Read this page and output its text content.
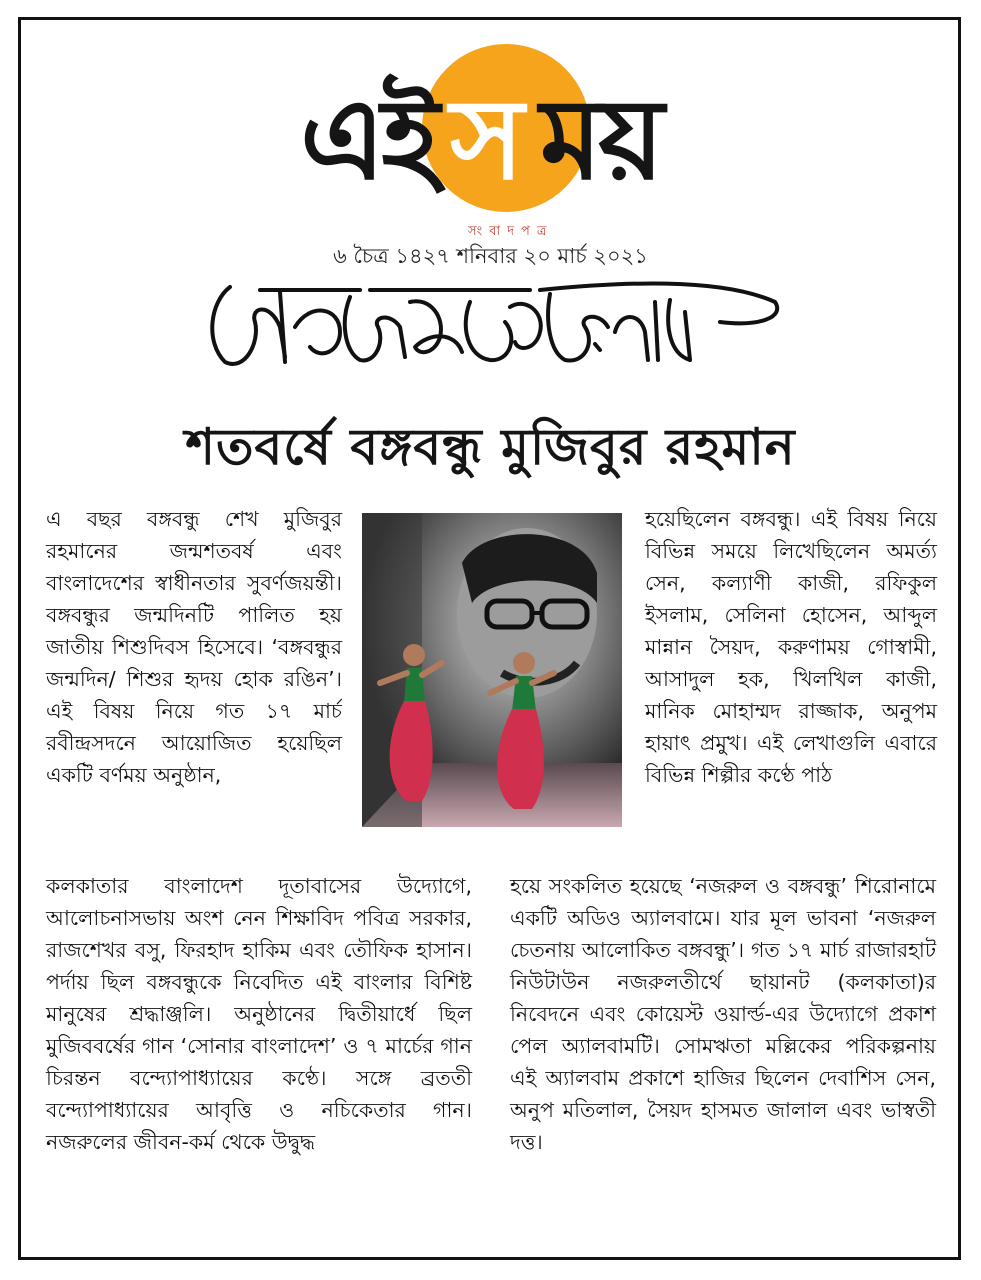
এই স ময়
সংবাদপত্র
৬ চৈত্র ১৪২৭ শনিবার ২০ মার্চ ২০২১
শতবর্ষে বঙ্গবন্ধু মুজিবুর রহমান

এ বছর বঙ্গবন্ধু শেখ মুজিবুর রহমানের জন্মশতবর্ষ এবং বাংলাদেশের স্বাধীনতার সুবর্ণজয়ন্তী। বঙ্গবন্ধুর জন্মদিনটি পালিত হয় জাতীয় শিশুদিবস হিসেবে। ‘বঙ্গবন্ধুর জন্মদিন/ শিশুর হৃদয় হোক রঙিন’। এই বিষয় নিয়ে গত ১৭ মার্চ রবীন্দ্রসদনে আয়োজিত হয়েছিল একটি বর্ণময় অনুষ্ঠান,

হয়েছিলেন বঙ্গবন্ধু। এই বিষয় নিয়ে বিভিন্ন সময়ে লিখেছিলেন অমর্ত্য সেন, কল্যাণী কাজী, রফিকুল ইসলাম, সেলিনা হোসেন, আব্দুল মান্নান সৈয়দ, করুণাময় গোস্বামী, আসাদুল হক, খিলখিল কাজী, মানিক মোহাম্মদ রাজ্জাক, অনুপম হায়াৎ প্রমুখ। এই লেখাগুলি এবারে বিভিন্ন শিল্পীর কণ্ঠে পাঠ

কলকাতার বাংলাদেশ দূতাবাসের উদ্যোগে, আলোচনাসভায় অংশ নেন শিক্ষাবিদ পবিত্র সরকার, রাজশেখর বসু, ফিরহাদ হাকিম এবং তৌফিক হাসান। পর্দায় ছিল বঙ্গবন্ধুকে নিবেদিত এই বাংলার বিশিষ্ট মানুষের শ্রদ্ধাঞ্জলি। অনুষ্ঠানের দ্বিতীয়ার্ধে ছিল মুজিববর্ষের গান ‘সোনার বাংলাদেশ’ ও ৭ মার্চের গান চিরন্তন বন্দ্যোপাধ্যায়ের কণ্ঠে। সঙ্গে ব্রততী বন্দ্যোপাধ্যায়ের আবৃত্তি ও নচিকেতার গান। নজরুলের জীবন-কর্ম থেকে উদ্বুদ্ধ

হয়ে সংকলিত হয়েছে ‘নজরুল ও বঙ্গবন্ধু’ শিরোনামে একটি অডিও অ্যালবামে। যার মূল ভাবনা ‘নজরুল চেতনায় আলোকিত বঙ্গবন্ধু’। গত ১৭ মার্চ রাজারহাট নিউটাউন নজরুলতীর্থে ছায়ানট (কলকাতা)র নিবেদনে এবং কোয়েস্ট ওয়ার্ল্ড-এর উদ্যোগে প্রকাশ পেল অ্যালবামটি। সোমঋতা মল্লিকের পরিকল্পনায় এই অ্যালবাম প্রকাশে হাজির ছিলেন দেবাশিস সেন, অনুপ মতিলাল, সৈয়দ হাসমত জালাল এবং ভাস্বতী দত্ত।
